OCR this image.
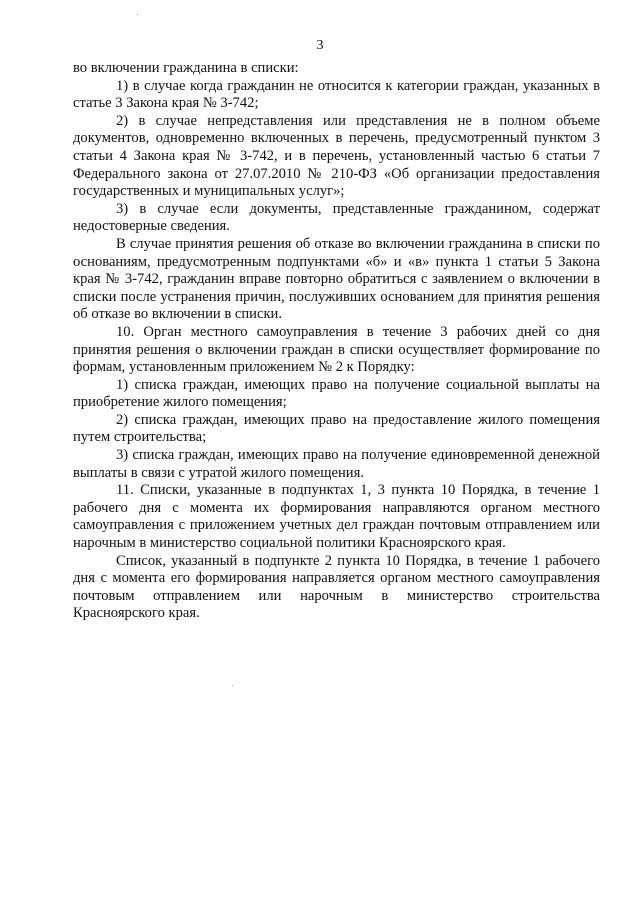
3

во включении гражданина в списки:

1) в случае когда гражданин не относится к категории граждан, указанных в статье 3 Закона края № 3-742;

2) в случае непредставления или представления не в полном объеме документов, одновременно включенных в перечень, предусмотренный пунктом 3 статьи 4 Закона края № 3-742, и в перечень, установленный частью 6 статьи 7 Федерального закона от 27.07.2010 № 210-ФЗ «Об организации предоставления государственных и муниципальных услуг»;

3) в случае если документы, представленные гражданином, содержат недостоверные сведения.

В случае принятия решения об отказе во включении гражданина в списки по основаниям, предусмотренным подпунктами «б» и «в» пункта 1 статьи 5 Закона края № 3-742, гражданин вправе повторно обратиться с заявлением о включении в списки после устранения причин, послуживших основанием для принятия решения об отказе во включении в списки.

10. Орган местного самоуправления в течение 3 рабочих дней со дня принятия решения о включении граждан в списки осуществляет формирование по формам, установленным приложением № 2 к Порядку:

1) списка граждан, имеющих право на получение социальной выплаты на приобретение жилого помещения;

2) списка граждан, имеющих право на предоставление жилого помещения путем строительства;

3) списка граждан, имеющих право на получение единовременной денежной выплаты в связи с утратой жилого помещения.

11. Списки, указанные в подпунктах 1, 3 пункта 10 Порядка, в течение 1 рабочего дня с момента их формирования направляются органом местного самоуправления с приложением учетных дел граждан почтовым отправлением или нарочным в министерство социальной политики Красноярского края.

Список, указанный в подпункте 2 пункта 10 Порядка, в течение 1 рабочего дня с момента его формирования направляется органом местного самоуправления почтовым отправлением или нарочным в министерство строительства Красноярского края.
